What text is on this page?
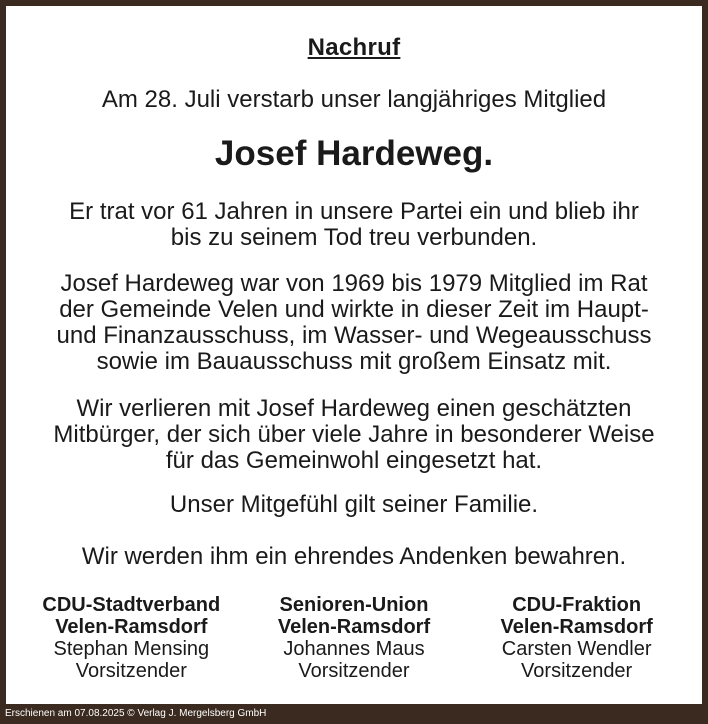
Nachruf
Am 28. Juli verstarb unser langjähriges Mitglied
Josef Hardeweg.
Er trat vor 61 Jahren in unsere Partei ein und blieb ihr
bis zu seinem Tod treu verbunden.
Josef Hardeweg war von 1969 bis 1979 Mitglied im Rat
der Gemeinde Velen und wirkte in dieser Zeit im Haupt-
und Finanzausschuss, im Wasser- und Wegeausschuss
sowie im Bauausschuss mit großem Einsatz mit.
Wir verlieren mit Josef Hardeweg einen geschätzten
Mitbürger, der sich über viele Jahre in besonderer Weise
für das Gemeinwohl eingesetzt hat.
Unser Mitgefühl gilt seiner Familie.
Wir werden ihm ein ehrendes Andenken bewahren.
CDU-Stadtverband
Velen-Ramsdorf
Stephan Mensing
Vorsitzender
Senioren-Union
Velen-Ramsdorf
Johannes Maus
Vorsitzender
CDU-Fraktion
Velen-Ramsdorf
Carsten Wendler
Vorsitzender
Erschienen am 07.08.2025 © Verlag J. Mergelsberg GmbH
